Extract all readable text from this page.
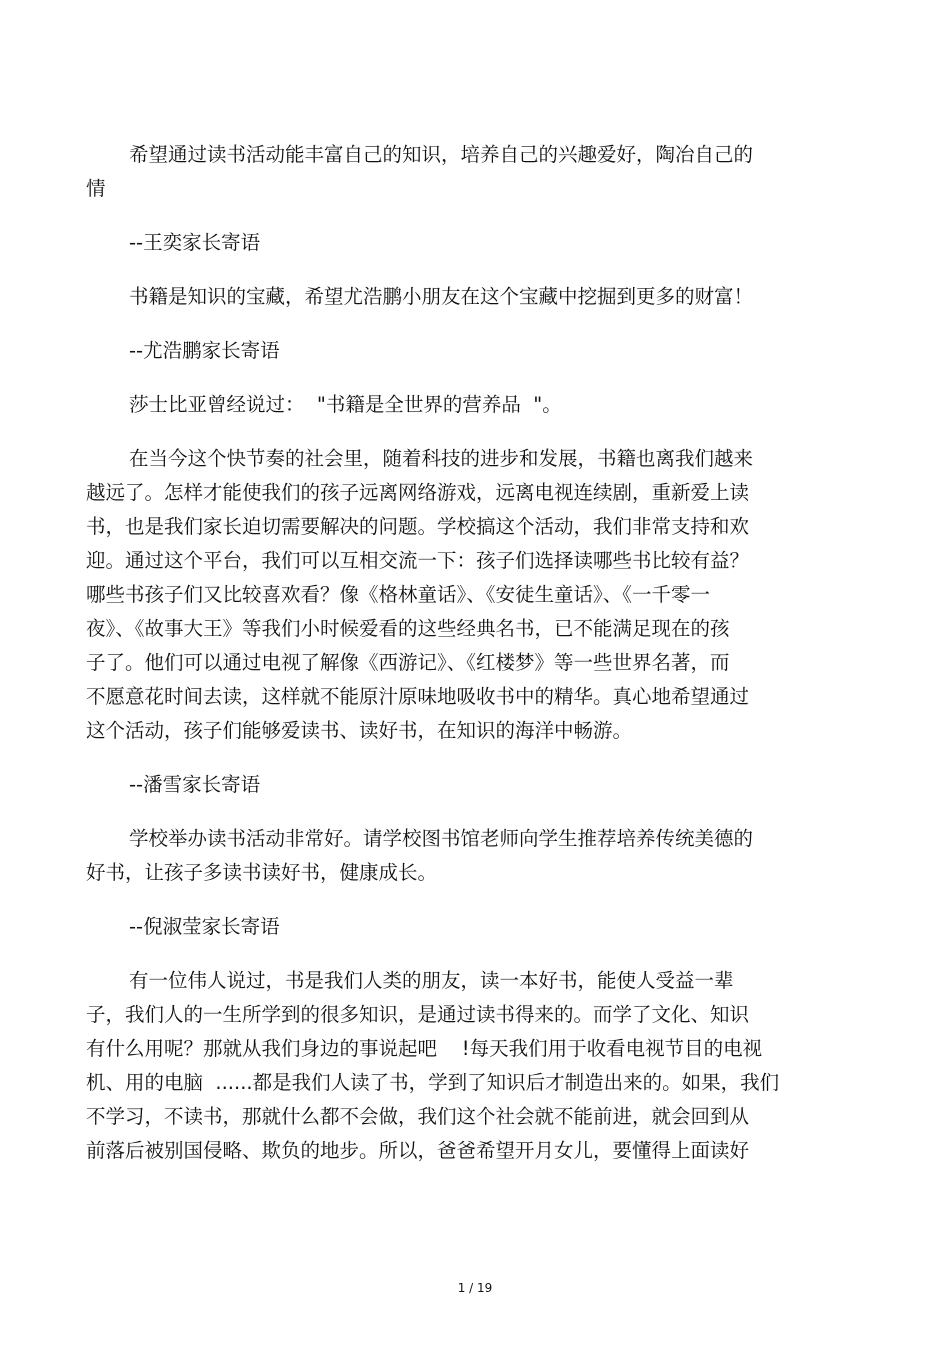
希望通过读书活动能丰富自己的知识，培养自己的兴趣爱好，陶冶自己的
情
--王奕家长寄语
书籍是知识的宝藏，希望尤浩鹏小朋友在这个宝藏中挖掘到更多的财富！
--尤浩鹏家长寄语
莎士比亚曾经说过：  "书籍是全世界的营养品  "。
在当今这个快节奏的社会里，随着科技的进步和发展，书籍也离我们越来
越远了。怎样才能使我们的孩子远离网络游戏，远离电视连续剧，重新爱上读
书，也是我们家长迫切需要解决的问题。学校搞这个活动，我们非常支持和欢
迎。通过这个平台，我们可以互相交流一下：孩子们选择读哪些书比较有益？
哪些书孩子们又比较喜欢看？像《格林童话》、《安徒生童话》、《一千零一
夜》、《故事大王》等我们小时候爱看的这些经典名书，已不能满足现在的孩
子了。他们可以通过电视了解像《西游记》、《红楼梦》等一些世界名著，而
不愿意花时间去读，这样就不能原汁原味地吸收书中的精华。真心地希望通过
这个活动，孩子们能够爱读书、读好书，在知识的海洋中畅游。
--潘雪家长寄语
学校举办读书活动非常好。请学校图书馆老师向学生推荐培养传统美德的
好书，让孩子多读书读好书，健康成长。
--倪淑莹家长寄语
有一位伟人说过，书是我们人类的朋友，读一本好书，能使人受益一辈
子，我们人的一生所学到的很多知识，是通过读书得来的。而学了文化、知识
有什么用呢？那就从我们身边的事说起吧    !每天我们用于收看电视节目的电视
机、用的电脑  ......都是我们人读了书，学到了知识后才制造出来的。如果，我们
不学习，不读书，那就什么都不会做，我们这个社会就不能前进，就会回到从
前落后被别国侵略、欺负的地步。所以，爸爸希望开月女儿，要懂得上面读好
1 / 19
